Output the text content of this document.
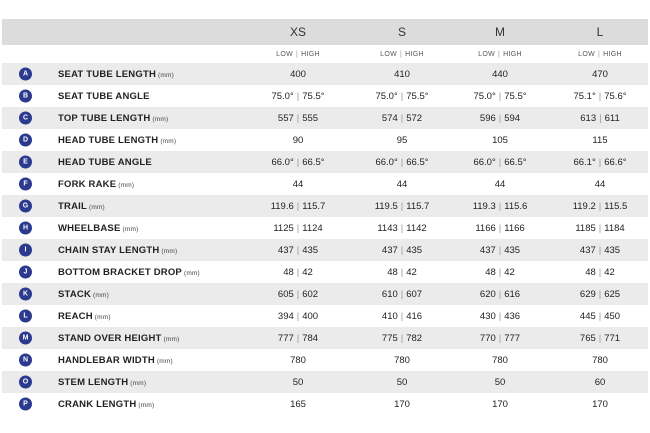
XS	S	M	L
LOW | HIGH	LOW | HIGH	LOW | HIGH	LOW | HIGH
A	SEAT TUBE LENGTH (mm)	400	410	440	470
B	SEAT TUBE ANGLE	75.0° | 75.5°	75.0° | 75.5°	75.0° | 75.5°	75.1° | 75.6°
C	TOP TUBE LENGTH (mm)	557 | 555	574 | 572	596 | 594	613 | 611
D	HEAD TUBE LENGTH (mm)	90	95	105	115
E	HEAD TUBE ANGLE	66.0° | 66.5°	66.0° | 66.5°	66.0° | 66.5°	66.1° | 66.6°
F	FORK RAKE (mm)	44	44	44	44
G	TRAIL (mm)	119.6 | 115.7	119.5 | 115.7	119.3 | 115.6	119.2 | 115.5
H	WHEELBASE (mm)	1125 | 1124	1143 | 1142	1166 | 1166	1185 | 1184
I	CHAIN STAY LENGTH (mm)	437 | 435	437 | 435	437 | 435	437 | 435
J	BOTTOM BRACKET DROP (mm)	48 | 42	48 | 42	48 | 42	48 | 42
K	STACK (mm)	605 | 602	610 | 607	620 | 616	629 | 625
L	REACH (mm)	394 | 400	410 | 416	430 | 436	445 | 450
M	STAND OVER HEIGHT (mm)	777 | 784	775 | 782	770 | 777	765 | 771
N	HANDLEBAR WIDTH (mm)	780	780	780	780
O	STEM LENGTH (mm)	50	50	50	60
P	CRANK LENGTH (mm)	165	170	170	170
